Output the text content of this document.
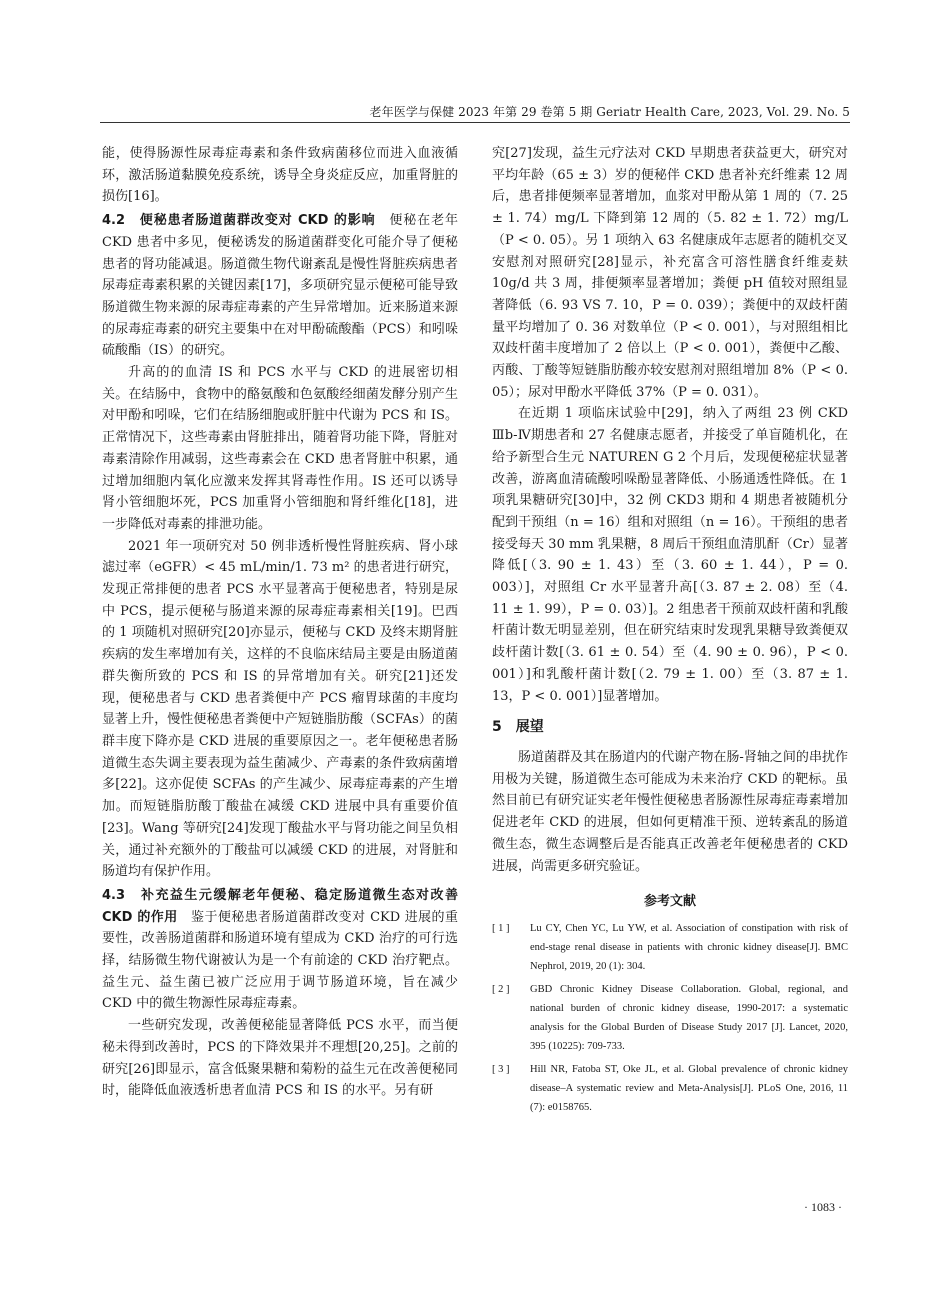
老年医学与保健 2023 年第 29 卷第 5 期 Geriatr Health Care, 2023, Vol. 29. No. 5

能，使得肠源性尿毒症毒素和条件致病菌移位而进入血液循环，激活肠道黏膜免疫系统，诱导全身炎症反应，加重肾脏的损伤[16]。

4.2　便秘患者肠道菌群改变对 CKD 的影响　 便秘在老年 CKD 患者中多见，便秘诱发的肠道菌群变化可能介导了便秘患者的肾功能减退。肠道微生物代谢紊乱是慢性肾脏疾病患者尿毒症毒素积累的关键因素[17]，多项研究显示便秘可能导致肠道微生物来源的尿毒症毒素的产生异常增加。近来肠道来源的尿毒症毒素的研究主要集中在对甲酚硫酸酯（PCS）和吲哚硫酸酯（IS）的研究。

升高的的血清 IS 和 PCS 水平与 CKD 的进展密切相关。在结肠中，食物中的酪氨酸和色氨酸经细菌发酵分别产生对甲酚和吲哚，它们在结肠细胞或肝脏中代谢为 PCS 和 IS。正常情况下，这些毒素由肾脏排出，随着肾功能下降，肾脏对毒素清除作用减弱，这些毒素会在 CKD 患者肾脏中积累，通过增加细胞内氧化应激来发挥其肾毒性作用。IS 还可以诱导肾小管细胞坏死，PCS 加重肾小管细胞和肾纤维化[18]，进一步降低对毒素的排泄功能。

2021 年一项研究对 50 例非透析慢性肾脏疾病、肾小球滤过率（eGFR）< 45 mL/min/1. 73 m² 的患者进行研究，发现正常排便的患者 PCS 水平显著高于便秘患者，特别是尿中 PCS，提示便秘与肠道来源的尿毒症毒素相关[19]。巴西的 1 项随机对照研究[20]亦显示，便秘与 CKD 及终末期肾脏疾病的发生率增加有关，这样的不良临床结局主要是由肠道菌群失衡所致的 PCS 和 IS 的异常增加有关。研究[21]还发现，便秘患者与 CKD 患者粪便中产 PCS 瘤胃球菌的丰度均显著上升，慢性便秘患者粪便中产短链脂肪酸（SCFAs）的菌群丰度下降亦是 CKD 进展的重要原因之一。老年便秘患者肠道微生态失调主要表现为益生菌减少、产毒素的条件致病菌增多[22]。这亦促使 SCFAs 的产生减少、尿毒症毒素的产生增加。而短链脂肪酸丁酸盐在减缓 CKD 进展中具有重要价值[23]。Wang 等研究[24]发现丁酸盐水平与肾功能之间呈负相关，通过补充额外的丁酸盐可以减缓 CKD 的进展，对肾脏和肠道均有保护作用。

4.3　补充益生元缓解老年便秘、稳定肠道微生态对改善 CKD 的作用　 鉴于便秘患者肠道菌群改变对 CKD 进展的重要性，改善肠道菌群和肠道环境有望成为 CKD 治疗的可行选择，结肠微生物代谢被认为是一个有前途的 CKD 治疗靶点。益生元、益生菌已被广泛应用于调节肠道环境，旨在减少 CKD 中的微生物源性尿毒症毒素。

一些研究发现，改善便秘能显著降低 PCS 水平，而当便秘未得到改善时，PCS 的下降效果并不理想[20,25]。之前的研究[26]即显示，富含低聚果糖和菊粉的益生元在改善便秘同时，能降低血液透析患者血清 PCS 和 IS 的水平。另有研

究[27]发现，益生元疗法对 CKD 早期患者获益更大，研究对平均年龄（65 ± 3）岁的便秘伴 CKD 患者补充纤维素 12 周后，患者排便频率显著增加，血浆对甲酚从第 1 周的（7. 25 ± 1. 74）mg/L 下降到第 12 周的（5. 82 ± 1. 72）mg/L（P < 0. 05）。另 1 项纳入 63 名健康成年志愿者的随机交叉安慰剂对照研究[28]显示，补充富含可溶性膳食纤维麦麸 10g/d 共 3 周，排便频率显著增加；粪便 pH 值较对照组显著降低（6. 93 VS 7. 10，P = 0. 039）；粪便中的双歧杆菌量平均增加了 0. 36 对数单位（P < 0. 001），与对照组相比双歧杆菌丰度增加了 2 倍以上（P < 0. 001），粪便中乙酸、丙酸、丁酸等短链脂肪酸亦较安慰剂对照组增加 8%（P < 0. 05）；尿对甲酚水平降低 37%（P = 0. 031）。

在近期 1 项临床试验中[29]，纳入了两组 23 例 CKD Ⅲb-Ⅳ期患者和 27 名健康志愿者，并接受了单盲随机化，在给予新型合生元 NATUREN G 2 个月后，发现便秘症状显著改善，游离血清硫酸吲哚酚显著降低、小肠通透性降低。在 1 项乳果糖研究[30]中，32 例 CKD3 期和 4 期患者被随机分配到干预组（n = 16）组和对照组（n = 16）。干预组的患者接受每天 30 mm 乳果糖，8 周后干预组血清肌酐（Cr）显著降低[（3. 90 ± 1. 43）至（3. 60 ± 1. 44），P = 0. 003）]，对照组 Cr 水平显著升高[（3. 87 ± 2. 08）至（4. 11 ± 1. 99），P = 0. 03）]。2 组患者干预前双歧杆菌和乳酸杆菌计数无明显差别，但在研究结束时发现乳果糖导致粪便双歧杆菌计数[（3. 61 ± 0. 54）至（4. 90 ± 0. 96），P < 0. 001）]和乳酸杆菌计数[（2. 79 ± 1. 00）至（3. 87 ± 1. 13，P < 0. 001）]显著增加。

5 展望

肠道菌群及其在肠道内的代谢产物在肠-肾轴之间的串扰作用极为关键，肠道微生态可能成为未来治疗 CKD 的靶标。虽然目前已有研究证实老年慢性便秘患者肠源性尿毒症毒素增加促进老年 CKD 的进展，但如何更精准干预、逆转紊乱的肠道微生态，微生态调整后是否能真正改善老年便秘患者的 CKD 进展，尚需更多研究验证。

参考文献
[ 1 ] Lu CY, Chen YC, Lu YW, et al. Association of constipation with risk of end-stage renal disease in patients with chronic kidney disease[J]. BMC Nephrol, 2019, 20 (1): 304.
[ 2 ] GBD Chronic Kidney Disease Collaboration. Global, regional, and national burden of chronic kidney disease, 1990-2017: a systematic analysis for the Global Burden of Disease Study 2017 [J]. Lancet, 2020, 395 (10225): 709-733.
[ 3 ] Hill NR, Fatoba ST, Oke JL, et al. Global prevalence of chronic kidney disease–A systematic review and Meta-Analysis[J]. PLoS One, 2016, 11 (7): e0158765.
· 1083 ·
